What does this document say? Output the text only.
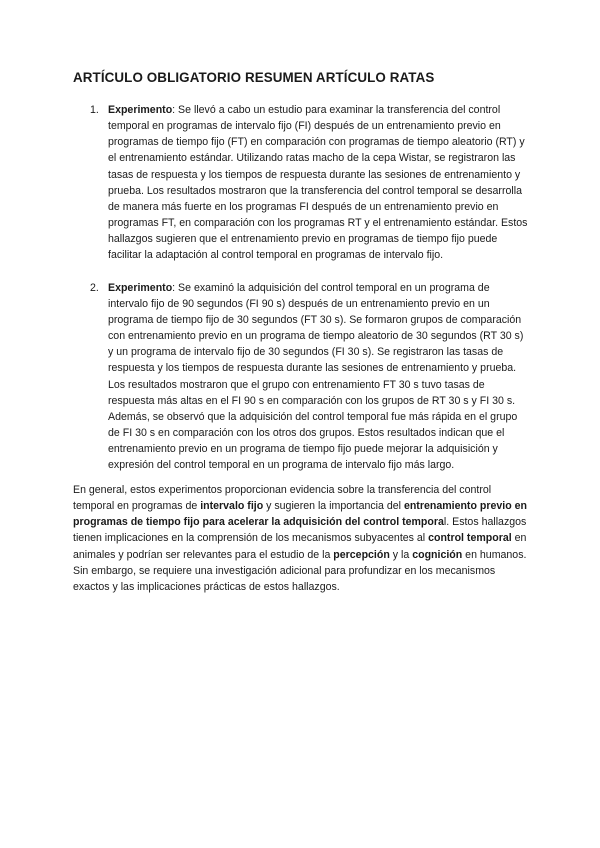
ARTÍCULO OBLIGATORIO RESUMEN ARTÍCULO RATAS
1. Experimento: Se llevó a cabo un estudio para examinar la transferencia del control temporal en programas de intervalo fijo (FI) después de un entrenamiento previo en programas de tiempo fijo (FT) en comparación con programas de tiempo aleatorio (RT) y el entrenamiento estándar. Utilizando ratas macho de la cepa Wistar, se registraron las tasas de respuesta y los tiempos de respuesta durante las sesiones de entrenamiento y prueba. Los resultados mostraron que la transferencia del control temporal se desarrolla de manera más fuerte en los programas FI después de un entrenamiento previo en programas FT, en comparación con los programas RT y el entrenamiento estándar. Estos hallazgos sugieren que el entrenamiento previo en programas de tiempo fijo puede facilitar la adaptación al control temporal en programas de intervalo fijo.
2. Experimento: Se examinó la adquisición del control temporal en un programa de intervalo fijo de 90 segundos (FI 90 s) después de un entrenamiento previo en un programa de tiempo fijo de 30 segundos (FT 30 s). Se formaron grupos de comparación con entrenamiento previo en un programa de tiempo aleatorio de 30 segundos (RT 30 s) y un programa de intervalo fijo de 30 segundos (FI 30 s). Se registraron las tasas de respuesta y los tiempos de respuesta durante las sesiones de entrenamiento y prueba. Los resultados mostraron que el grupo con entrenamiento FT 30 s tuvo tasas de respuesta más altas en el FI 90 s en comparación con los grupos de RT 30 s y FI 30 s. Además, se observó que la adquisición del control temporal fue más rápida en el grupo de FI 30 s en comparación con los otros dos grupos. Estos resultados indican que el entrenamiento previo en un programa de tiempo fijo puede mejorar la adquisición y expresión del control temporal en un programa de intervalo fijo más largo.

En general, estos experimentos proporcionan evidencia sobre la transferencia del control temporal en programas de intervalo fijo y sugieren la importancia del entrenamiento previo en programas de tiempo fijo para acelerar la adquisición del control temporal. Estos hallazgos tienen implicaciones en la comprensión de los mecanismos subyacentes al control temporal en animales y podrían ser relevantes para el estudio de la percepción y la cognición en humanos. Sin embargo, se requiere una investigación adicional para profundizar en los mecanismos exactos y las implicaciones prácticas de estos hallazgos.
